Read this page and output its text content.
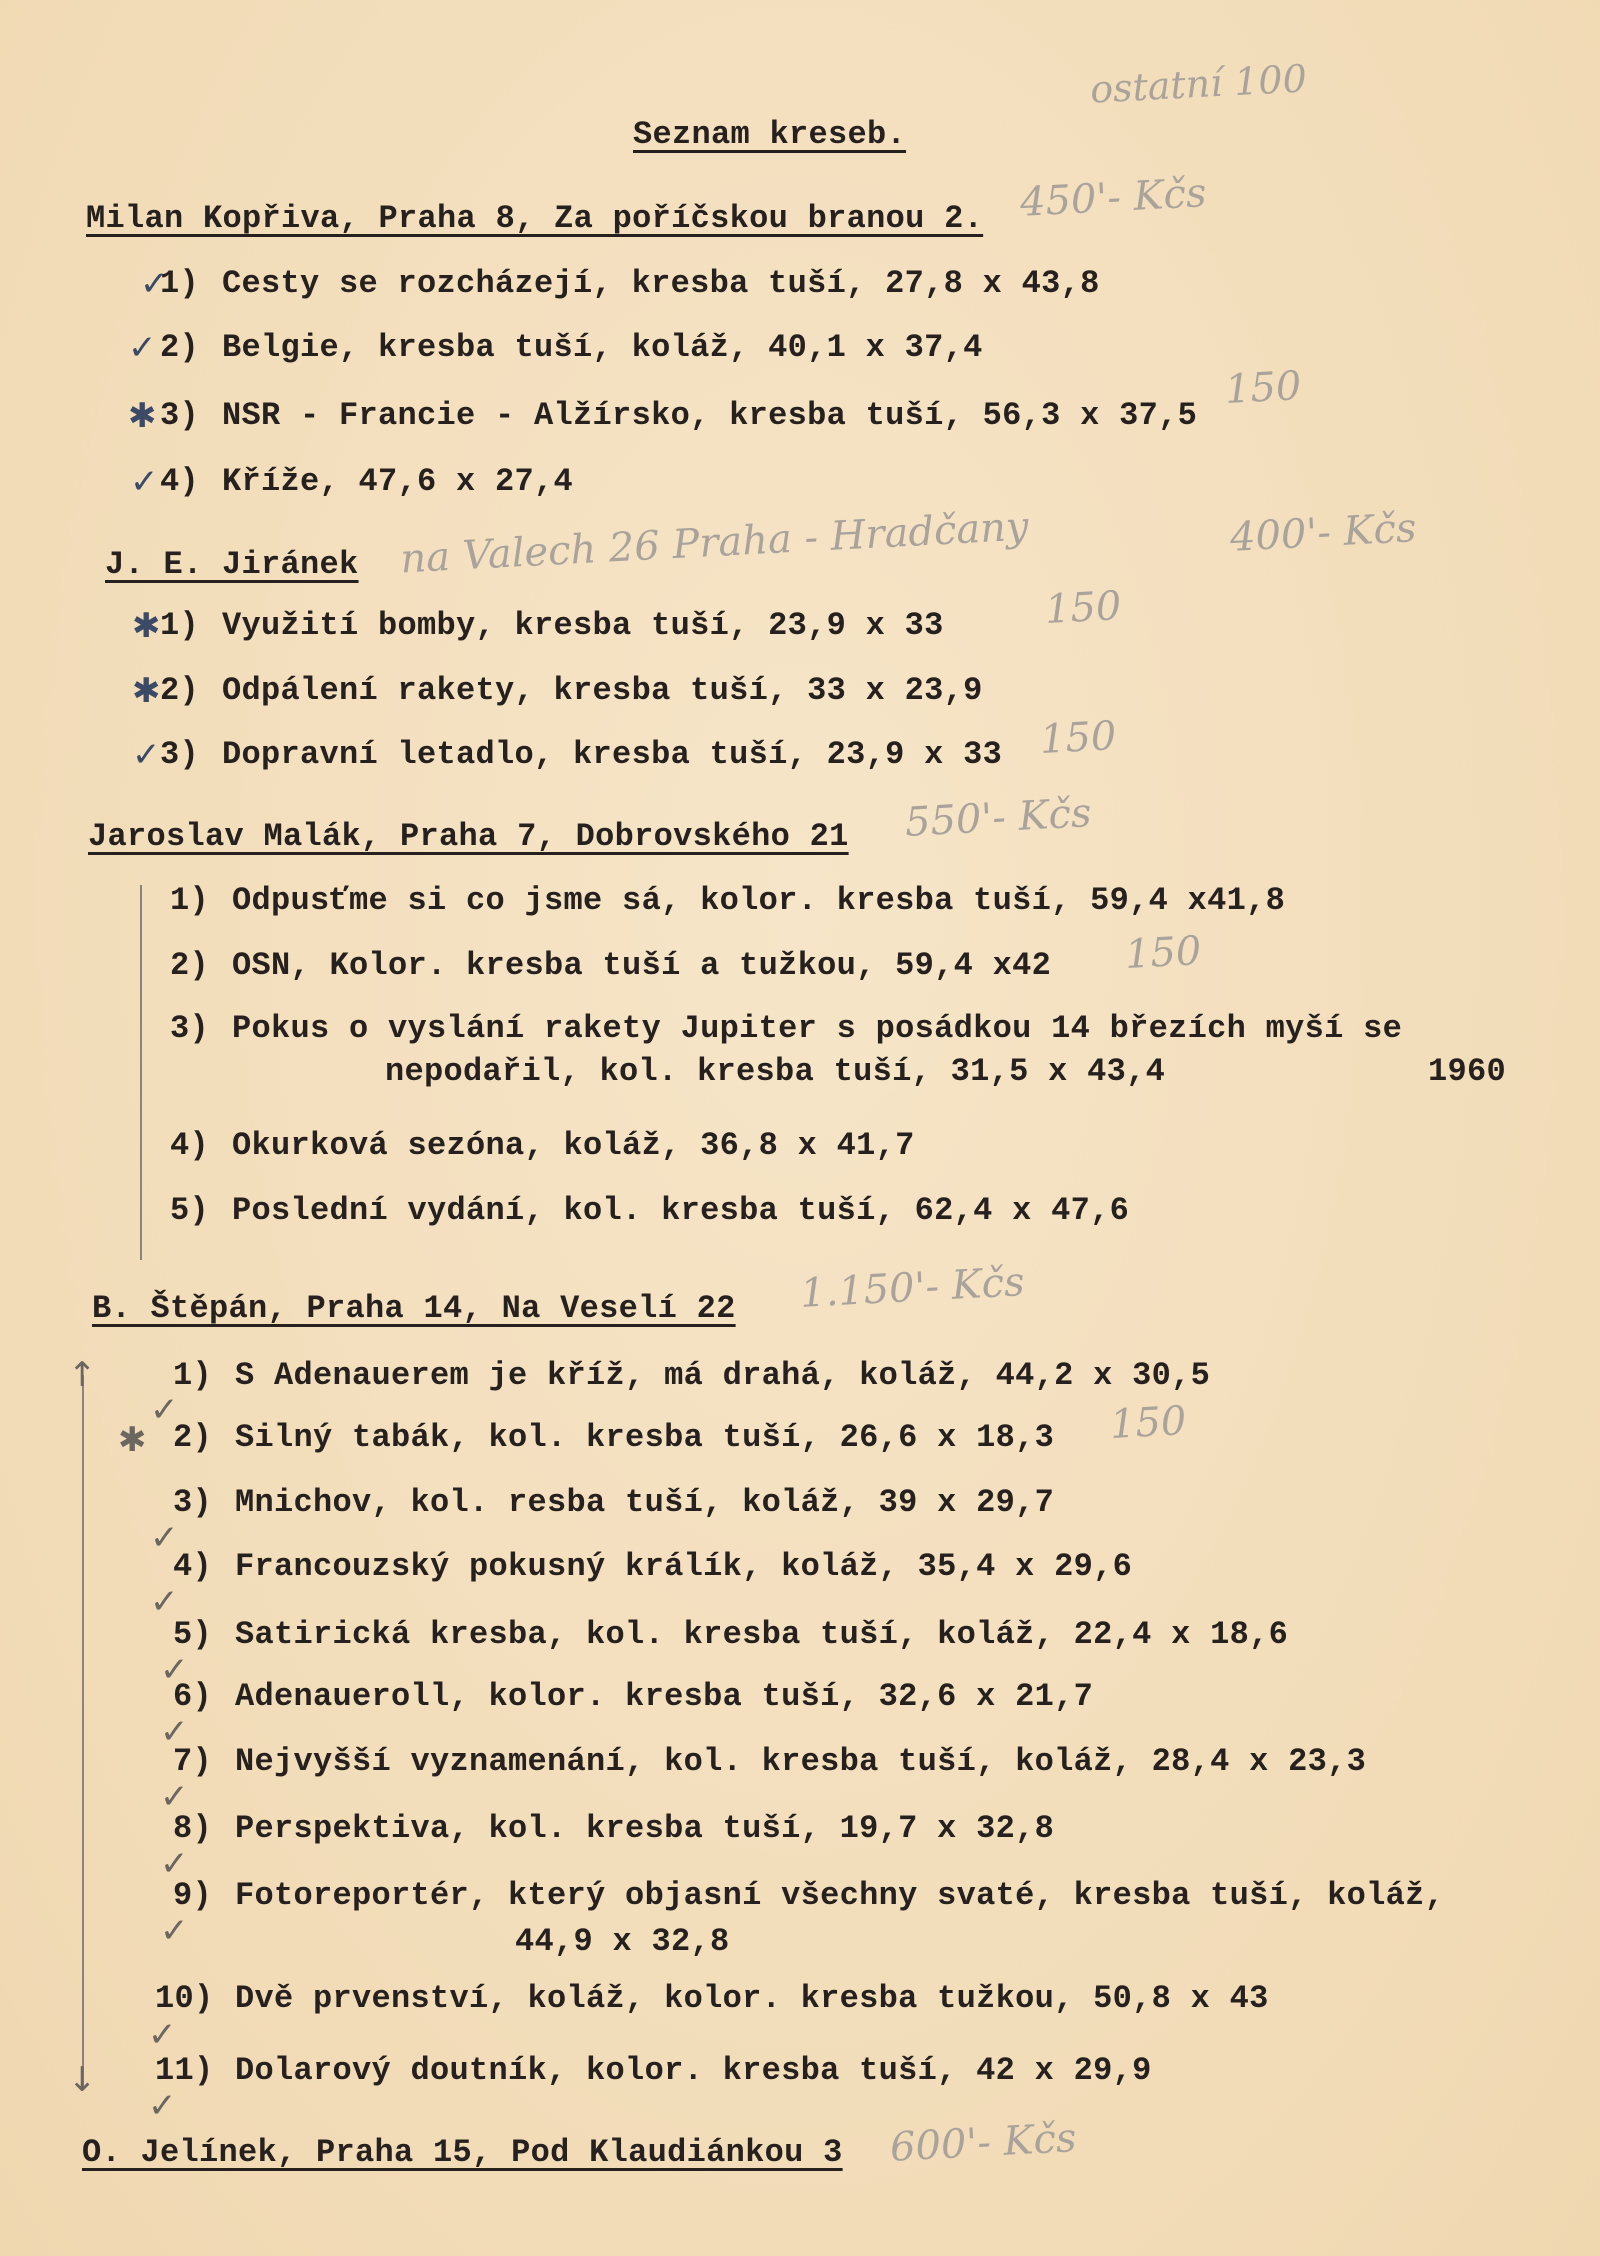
ostatní 100
Seznam kreseb.
Milan Kopřiva, Praha 8, Za poříčskou branou 2. 450'- Kčs
✓
1) Cesty se rozcházejí, kresba tuší, 27,8 x 43,8
✓ 2) Belgie, kresba tuší, koláž, 40,1 x 37,4
✱ 3) NSR - Francie - Alžírsko, kresba tuší, 56,3 x 37,5
150
✓ 4) Kříže, 47,6 x 27,4
J. E. Jiránek na Valech 26 Praha - Hradčany	400'- Kčs
✱ 1) Využití bomby, kresba tuší, 23,9 x 33	150
✱ 2) Odpálení rakety, kresba tuší, 33 x 23,9
✓ 3) Dopravní letadlo, kresba tuší, 23,9 x 33 150
Jaroslav Malák, Praha 7, Dobrovského 21 550'- Kčs
1) Odpusťme si co jsme sá, kolor. kresba tuší, 59,4 x41,8
2) OSN, Kolor. kresba tuší a tužkou, 59,4 x42 150
3) Pokus o vyslání rakety Jupiter s posádkou 14 březích myší se
nepodařil, kol. kresba tuší, 31,5 x 43,4	1960
4) Okurková sezóna, koláž, 36,8 x 41,7
5) Poslední vydání, kol. kresba tuší, 62,4 x 47,6
B. Štěpán, Praha 14, Na Veselí 22 1.150'- Kčs
↑
↓
✓
1) S Adenauerem je kříž, má drahá, koláž, 44,2 x 30,5
✱ 2) Silný tabák, kol. kresba tuší, 26,6 x 18,3 150
✓
3) Mnichov, kol. resba tuší, koláž, 39 x 29,7
✓
4) Francouzský pokusný králík, koláž, 35,4 x 29,6
✓
5) Satirická kresba, kol. kresba tuší, koláž, 22,4 x 18,6
✓
6) Adenaueroll, kolor. kresba tuší, 32,6 x 21,7
✓
7) Nejvyšší vyznamenání, kol. kresba tuší, koláž, 28,4 x 23,3
✓
8) Perspektiva, kol. kresba tuší, 19,7 x 32,8
✓
9) Fotoreportér, který objasní všechny svaté, kresba tuší, koláž,
44,9 x 32,8
✓
10) Dvě prvenství, koláž, kolor. kresba tužkou, 50,8 x 43
✓
11) Dolarový doutník, kolor. kresba tuší, 42 x 29,9
O. Jelínek, Praha 15, Pod Klaudiánkou 3 600'- Kčs
